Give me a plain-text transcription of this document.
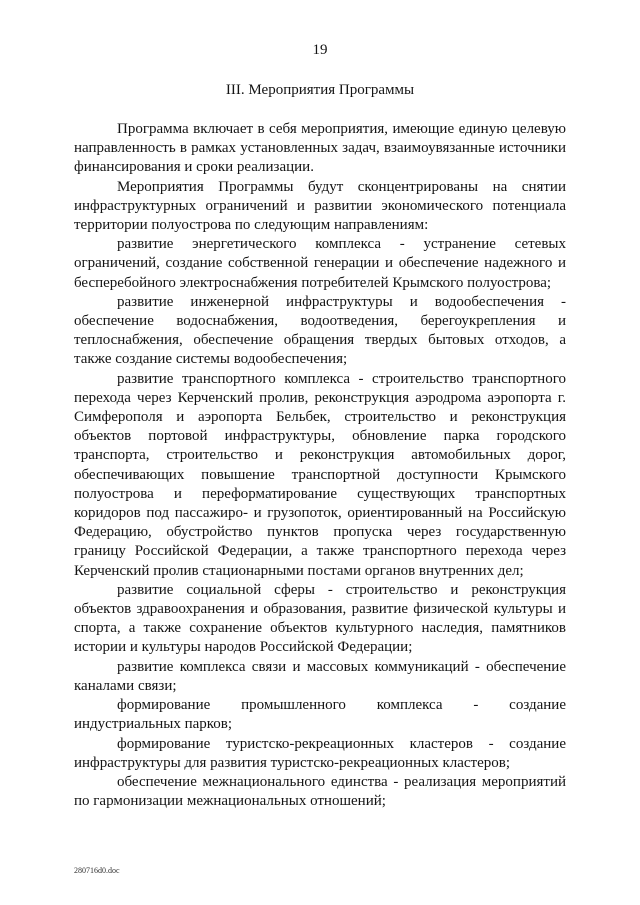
19
III. Мероприятия Программы

Программа включает в себя мероприятия, имеющие единую целевую направленность в рамках установленных задач, взаимоувязанные источники финансирования и сроки реализации.

Мероприятия Программы будут сконцентрированы на снятии инфраструктурных ограничений и развитии экономического потенциала территории полуострова по следующим направлениям:

развитие энергетического комплекса - устранение сетевых ограничений, создание собственной генерации и обеспечение надежного и бесперебойного электроснабжения потребителей Крымского полуострова;

развитие инженерной инфраструктуры и водообеспечения - обеспечение водоснабжения, водоотведения, берегоукрепления и теплоснабжения, обеспечение обращения твердых бытовых отходов, а также создание системы водообеспечения;

развитие транспортного комплекса - строительство транспортного перехода через Керченский пролив, реконструкция аэродрома аэропорта г. Симферополя и аэропорта Бельбек, строительство и реконструкция объектов портовой инфраструктуры, обновление парка городского транспорта, строительство и реконструкция автомобильных дорог, обеспечивающих повышение транспортной доступности Крымского полуострова и переформатирование существующих транспортных коридоров под пассажиро- и грузопоток, ориентированный на Российскую Федерацию, обустройство пунктов пропуска через государственную границу Российской Федерации, а также транспортного перехода через Керченский пролив стационарными постами органов внутренних дел;

развитие социальной сферы - строительство и реконструкция объектов здравоохранения и образования, развитие физической культуры и спорта, а также сохранение объектов культурного наследия, памятников истории и культуры народов Российской Федерации;

развитие комплекса связи и массовых коммуникаций - обеспечение каналами связи;

формирование промышленного комплекса - создание индустриальных парков;

формирование туристско-рекреационных кластеров - создание инфраструктуры для развития туристско-рекреационных кластеров;

обеспечение межнационального единства - реализация мероприятий по гармонизации межнациональных отношений;

280716d0.doc
